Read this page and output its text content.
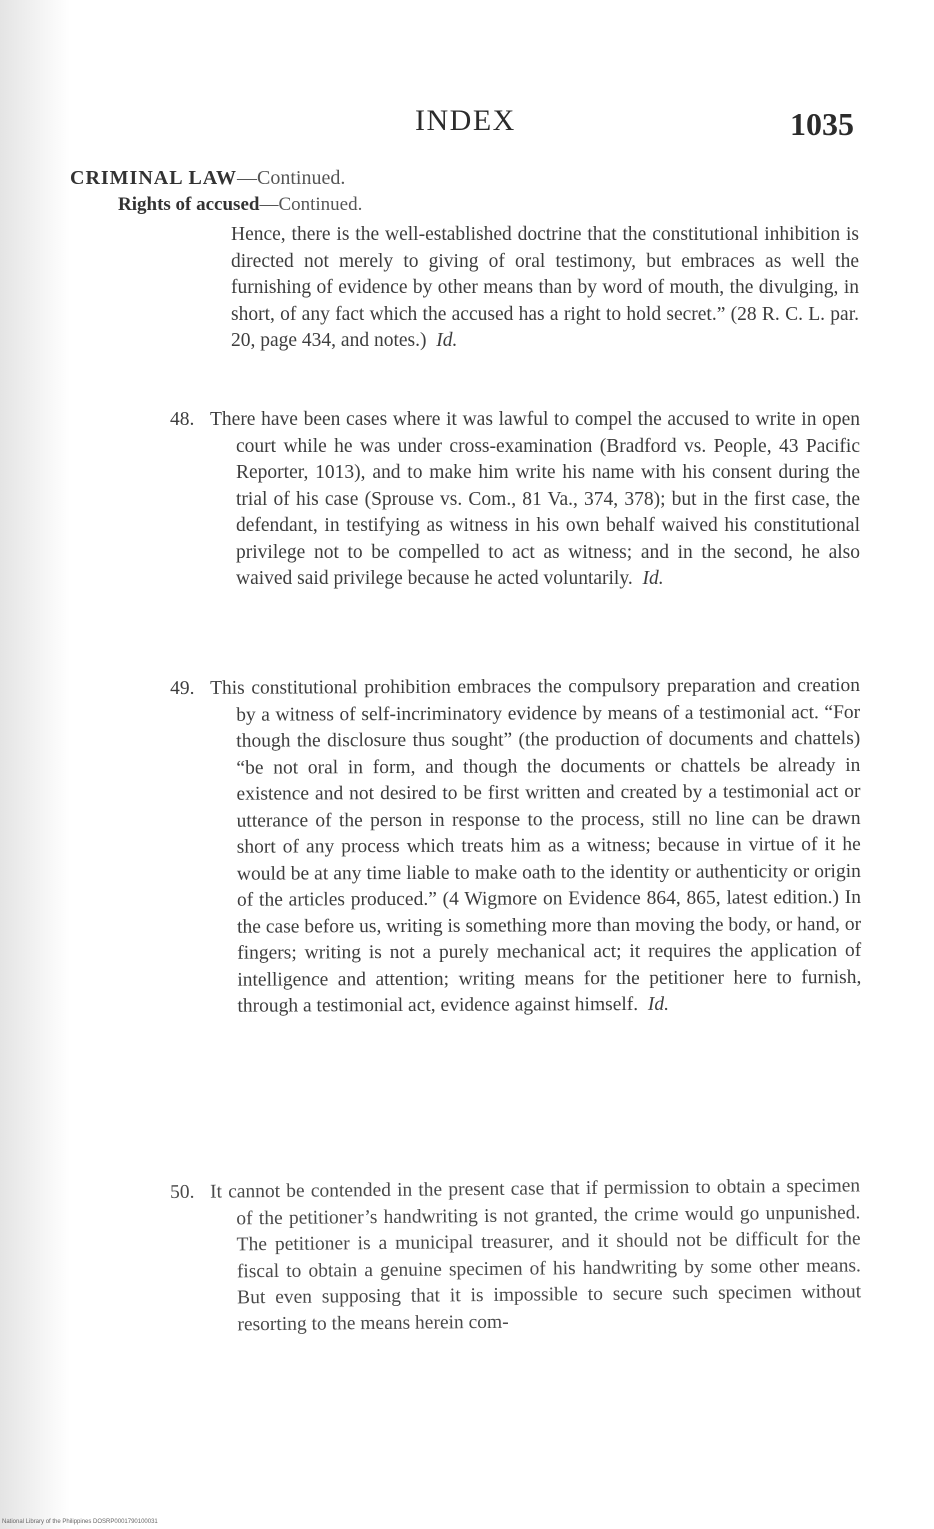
INDEX	1035
CRIMINAL LAW—Continued.
Rights of accused—Continued.

Hence, there is the well-established doctrine that the constitutional inhibition is directed not merely to giving of oral testimony, but embraces as well the furnishing of evidence by other means than by word of mouth, the divulging, in short, of any fact which the accused has a right to hold secret.” (28 R. C. L. par. 20, page 434, and notes.) Id.

48. There have been cases where it was lawful to compel the accused to write in open court while he was under cross-examination (Bradford vs. People, 43 Pacific Reporter, 1013), and to make him write his name with his consent during the trial of his case (Sprouse vs. Com., 81 Va., 374, 378); but in the first case, the defendant, in testifying as witness in his own behalf waived his constitutional privilege not to be compelled to act as witness; and in the second, he also waived said privilege because he acted voluntarily. Id.

49. This constitutional prohibition embraces the compulsory preparation and creation by a witness of self-incriminatory evidence by means of a testimonial act. “For though the disclosure thus sought” (the production of documents and chattels) “be not oral in form, and though the documents or chattels be already in existence and not desired to be first written and created by a testimonial act or utterance of the person in response to the process, still no line can be drawn short of any process which treats him as a witness; because in virtue of it he would be at any time liable to make oath to the identity or authenticity or origin of the articles produced.” (4 Wigmore on Evidence 864, 865, latest edition.) In the case before us, writing is something more than moving the body, or hand, or fingers; writing is not a purely mechanical act; it requires the application of intelligence and attention; writing means for the petitioner here to furnish, through a testimonial act, evidence against himself. Id.

50. It cannot be contended in the present case that if permission to obtain a specimen of the petitioner’s handwriting is not granted, the crime would go unpunished. The petitioner is a municipal treasurer, and it should not be difficult for the fiscal to obtain a genuine specimen of his handwriting by some other means. But even supposing that it is impossible to secure such specimen without resorting to the means herein com-

National Library of the Philippines DOSRP0001790100031
